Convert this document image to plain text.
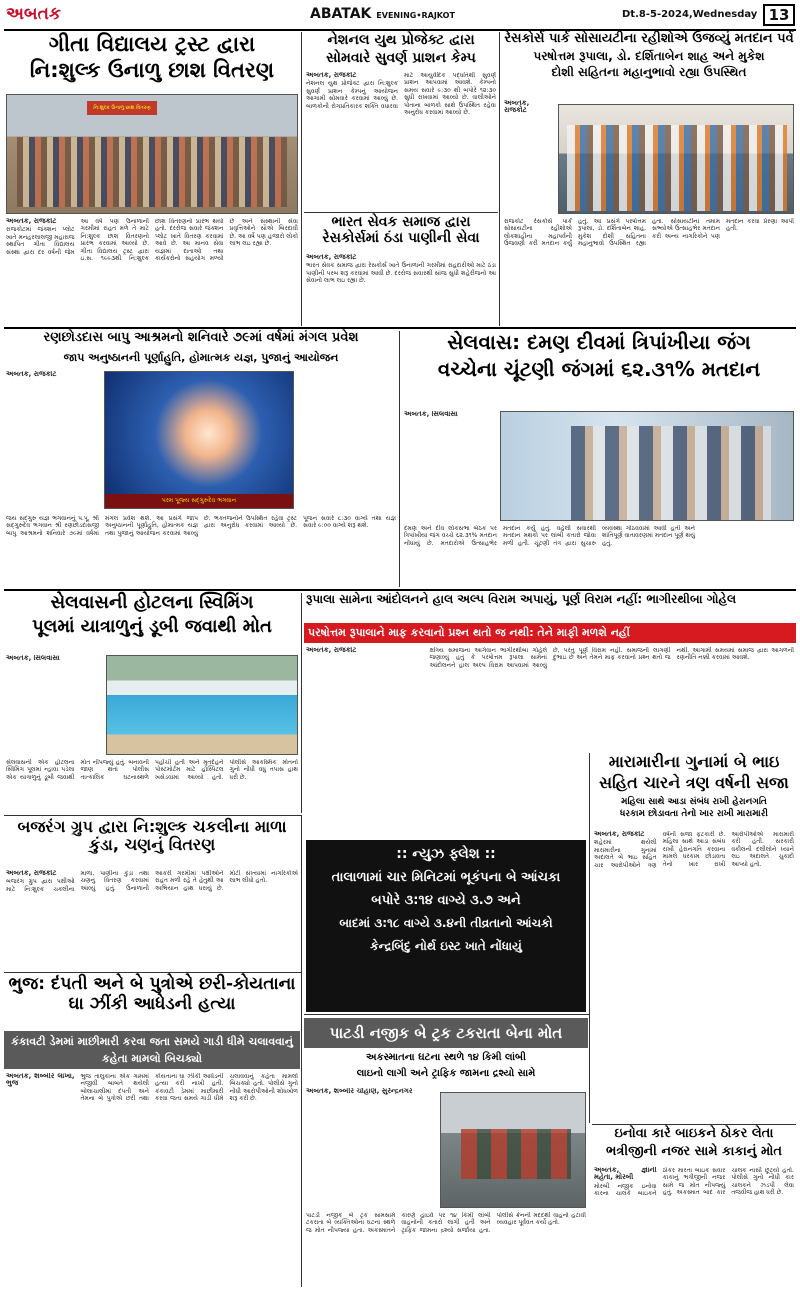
અબતક	ABATAK EVENING•RAJKOT	Dt.8-5-2024,Wednesday 13
ગીતા વિદ્યાલય ટ્રસ્ટ દ્વારા
નિ:શુલ્ક ઉનાળુ છાશ વિતરણ
નિ:શુલ્ક ઉનાળુ છાશ વિતરણ
અબતક, રાજકોટ
રાજકોટમાં જંક્શન પ્લોટ ખાતે મનહરલાલજી મહારાજ સ્થાપિત ગીતા વિદ્યાલય સંસ્થા દ્વારા દર વર્ષની જેમ આ વર્ષે પણ ઉનાળાની ગરમીમાં રાહત મળે તે માટે નિ:શુલ્ક છાશ વિતરણનો પ્રારંભ કરવામાં આવ્યો છે. ગીતા વિદ્યાલય ટ્રસ્ટ દ્વારા ઇ.સ. ૧૯૯૩થી નિ:શુલ્ક છાશ વિતરણનો પ્રારંભ થયો હતો. દરરોજ સવારે જંક્શન પ્લોટ ખાતે વિતરણ કરવામાં આવે છે. આ માનવ સેવા યજ્ઞમાં દાતાઓ તથા કાર્યકરોનો સહયોગ મળ્યો છે અને સંસ્થાની સેવા પ્રવૃત્તિઓને સૌએ બિરદાવી છે. આ વર્ષે પણ હજારો લોકો લાભ લઇ રહ્યા છે.
નેશનલ યુથ પ્રોજેક્ટ દ્વારા
સોમવારે સુવર્ણ પ્રાશન કેમ્પ
અબતક, રાજકોટ
નેશનલ યુથ પ્રોજેક્ટ દ્વારા નિ:શુલ્ક સુવર્ણ પ્રાશન કેમ્પનું આયોજન આગામી સોમવારે કરવામાં આવ્યું છે. બાળકોની રોગપ્રતિકારક શક્તિ વધારવા માટે આયુર્વેદિક પદ્ધતિથી સુવર્ણ પ્રાશન આપવામાં આવશે. કેમ્પનો સમય સવારે ૯:૩૦ થી બપોરે ૧૨:૩૦ સુધી રાખવામાં આવ્યો છે. વાલીઓને પોતાના બાળકો સાથે ઉપસ્થિત રહેવા અનુરોધ કરવામાં આવ્યો છે.
ભારત સેવક સમાજ દ્વારા રેસકોર્સમાં ઠંડા પાણીની સેવા
અબતક, રાજકોટ
ભારત સેવક સમાજ દ્વારા રેસકોર્સ ખાતે ઉનાળાની ગરમીમાં રાહદારીઓ માટે ઠંડા પાણીની પરબ શરૂ કરવામાં આવી છે. દરરોજ સવારથી સાંજ સુધી શહેરીજનો આ સેવાનો લાભ લઇ રહ્યા છે.
રેસકોર્સ પાર્ક સોસાયટીના રહીશોએ ઉજવ્યું મતદાન પર્વ
પરષોત્તમ રૂપાલા, ડો. દર્શિતાબેન શાહ અને મુકેશ
દોશી સહિતના મહાનુભાવો રહ્યા ઉપસ્થિત
અબતક, રાજકોટ
રાજકોટ રેસકોર્સ પાર્ક સોસાયટીના રહીશોએ લોકશાહીના મહાપર્વની ઉજવણી કરી મતદાન કર્યું હતું. આ પ્રસંગે પરષોત્તમ રૂપાલા, ડો. દર્શિતાબેન શાહ, મુકેશ દોશી સહિતના મહાનુભાવો ઉપસ્થિત રહ્યા હતા. સોસાયટીના તમામ સભ્યોએ ઉત્સાહભેર મતદાન કરી અન્ય નાગરિકોને પણ મતદાન કરવા પ્રેરણા આપી હતી.
રણછોડદાસ બાપુ આશ્રમનો શનિવારે ૭૯માં વર્ષમાં મંગલ પ્રવેશ
જાપ અનુષ્ઠાનની પૂર્ણાહુતિ, હોમાત્મક યજ્ઞ, પુજાનું આયોજન
અબતક, રાજકોટ
પરમ પૂજ્ય સદ્ગુરુદેવ ભગવાન
જય સદ્ગુરુ યજ્ઞ ભગવાનનું પ.પૂ. શ્રી સદ્ગુરુદેવ ભગવાન શ્રી રણછોડદાસજી બાપુ આશ્રમનો શનિવારે ૭૯માં વર્ષમાં મંગલ પ્રવેશ થશે. આ પ્રસંગે જાપ અનુષ્ઠાનની પૂર્ણાહુતિ, હોમાત્મક યજ્ઞ તથા પુજાનું આયોજન કરવામાં આવ્યું છે. ભક્તજનોને ઉપસ્થિત રહેવા ટ્રસ્ટ દ્વારા અનુરોધ કરવામાં આવ્યો છે. પૂજન સવારે ૮:૩૦ વાગ્યે તથા યજ્ઞ સવારે ૯:૦૦ વાગ્યે શરૂ થશે.
સેલવાસ: દમણ દીવમાં ત્રિપાંખીયા જંગ
વચ્ચેના ચૂંટણી જંગમાં ૬૨.૩૧% મતદાન
અબતક, સિલવાસા
દમણ અને દીવ લોકસભા બેઠક પર ત્રિપાંખીયા જંગ વચ્ચે ૬૨.૩૧% મતદાન નોંધાયું છે. મતદારોએ ઉત્સાહભેર મતદાન કર્યું હતું. વહેલી સવારથી મતદાન મથકો પર લાંબી કતારો જોવા મળી હતી. ચૂંટણી તંત્ર દ્વારા સુચારુ વ્યવસ્થા ગોઠવવામાં આવી હતી અને શાંતિપૂર્ણ વાતાવરણમાં મતદાન પૂર્ણ થયું હતું.
સેલવાસની હોટલના સ્વિમિંગ
પૂલમાં યાત્રાળુનું ડૂબી જવાથી મોત
અબતક, સિલવાસા
સેલવાસની એક હોટલના સ્વિમિંગ પૂલમાં ન્હાવા પડેલા એક યાત્રાળુનું ડૂબી જવાથી મોત નીપજ્યું હતું. બનાવની જાણ થતાં પોલીસ તાત્કાલિક ઘટનાસ્થળે પહોંચી હતી અને મૃતદેહને પોસ્ટમોર્ટમ માટે હોસ્પિટલ ખસેડવામાં આવ્યો હતો. પોલીસે આકસ્મિક મોતનો ગુનો નોંધી વધુ તપાસ હાથ ધરી છે.
રૂપાલા સામેના આંદોલનને હાલ અલ્પ વિરામ અપાયું, પૂર્ણ વિરામ નહીં: ભાગીરથીબા ગોહેલ
પરષોત્તમ રૂપાલાને માફ કરવાનો પ્રશ્ન થતો જ નથી: તેને માફી મળશે નહીં
અબતક, રાજકોટ	ક્ષત્રિય સમાજના આગેવાન ભાગીરથીબા ગોહેલે જણાવ્યું હતું કે પરષોત્તમ રૂપાલા સામેના આંદોલનને હાલ અલ્પ વિરામ આપવામાં આવ્યું છે, પરંતુ પૂર્ણ વિરામ નહીં. સમાજની લાગણી દુભાઇ છે અને તેમને માફ કરવાનો પ્રશ્ન થતો જ નથી. આગામી સમયમાં સમાજ દ્વારા આગળની રણનીતિ નક્કી કરવામાં આવશે.
મારામારીના ગુનામાં બે ભાઇ
સહિત ચારને ત્રણ વર્ષની સજા
મહિલા સાથે આડા સંબંધ રાખી હેરાનગતિ
ધરકામ છોડાવતા તેનો ખાર રાખી મારામારી
અબતક, રાજકોટ
શહેરમાં થયેલી મારામારીના ગુનામાં અદાલતે બે ભાઇ સહિત ચાર આરોપીઓને ત્રણ વર્ષની સજા ફટકારી છે. મહિલા સાથે આડા સંબંધ રાખી હેરાનગતિ કરવાના મામલે ધરકામ છોડાવતા તેનો ખાર રાખી આરોપીઓએ મારામારી કરી હતી. સરકારી વકીલની દલીલોને ધ્યાને લઇ અદાલતે ચુકાદો આપ્યો હતો.
:: ન્યુઝ ફ્લેશ ::
તાલાળામાં ચાર મિનિટમાં ભૂકંપના બે આંચકા
બપોરે ૩:૧૪ વાગ્યે ૩.૭ અને
બાદમાં ૩:૧૮ વાગ્યે ૩.૪ની તીવ્રતાનો આંચકો
કેન્દ્રબિંદુ નોર્થ ઇસ્ટ ખાતે નોંધાયું
બજરંગ ગ્રુપ દ્વારા નિ:શુલ્ક ચકલીના માળા કુંડા, ચણનું વિતરણ
અબતક, રાજકોટ
બજરંગ ગ્રુપ દ્વારા પક્ષીઓ માટે નિ:શુલ્ક ચકલીના માળા, પાણીના કુંડા તથા ચણનું વિતરણ કરવામાં આવ્યું હતું. ઉનાળાની આકરી ગરમીમાં પક્ષીઓને રાહત મળી રહે તે હેતુથી આ અભિયાન હાથ ધરાયું છે. મોટી સંખ્યામાં નાગરિકોએ લાભ લીધો હતો.
ભુજ: દંપતી અને બે પુત્રોએ છરી-કોયતાના ઘા ઝીંકી આધેડની હત્યા
કંકાવટી ડેમમાં માછીમારી કરવા જતા સમયે ગાડી ધીમે ચલાવવાનું કહેતા મામલો બિચક્યો
અબતક, શબ્બીર લાખા, ભુજ
ભુજ તાલુકાના એક ગામમાં નજીવી બાબતે થયેલી બોલાચાલીમાં દંપતી અને તેમના બે પુત્રોએ છરી તથા કોયતાના ઘા ઝીંકી આધેડની હત્યા કરી નાખી હતી. કંકાવટી ડેમમાં માછીમારી કરવા જતા સમયે ગાડી ધીમે ચલાવવાનું કહેતા મામલો બિચક્યો હતો. પોલીસે ગુનો નોંધી આરોપીઓની શોધખોળ શરૂ કરી છે.
પાટડી નજીક બે ટ્રક ટકરાતા બેના મોત
અકસ્માતના ઘટના સ્થળે ૧૪ કિમી લાંબી
લાઇનો લાગી અને ટ્રાફિક જામના દ્રશ્યો સામે
અબતક, શબ્બીર ચૌહાણ, સુરેન્દ્રનગર
પાટડી નજીક બે ટ્રક સામસામે ટકરાતા બે વ્યક્તિઓના ઘટના સ્થળે જ મોત નીપજ્યા હતા. અકસ્માતને કારણે હાઇવે પર ૧૪ કિમી લાંબી વાહનોની કતારો લાગી હતી અને ટ્રાફિક જામના દ્રશ્યો સર્જાયા હતા. પોલીસે ક્રેનની મદદથી વાહનો હટાવી વ્યવહાર પૂર્વવત કર્યો હતો.
ઇનોવા કારે બાઇકને ઠોકર લેતા
ભત્રીજીની નજર સામે કાકાનું મોત
અબતક, જ્ઞાની મહેતા, મોરબી
મોરબી નજીક ઇનોવા કારના ચાલકે બાઇકને ઠોકર મારતા બાઇક સવાર કાકાનું ભત્રીજીની નજર સામે જ મોત નીપજ્યું હતું. અકસ્માત બાદ કાર ચાલક નાસી છૂટ્યો હતો. પોલીસે ગુનો નોંધી કાર ચાલકને ઝડપી લેવા તજવીજ હાથ ધરી છે.
